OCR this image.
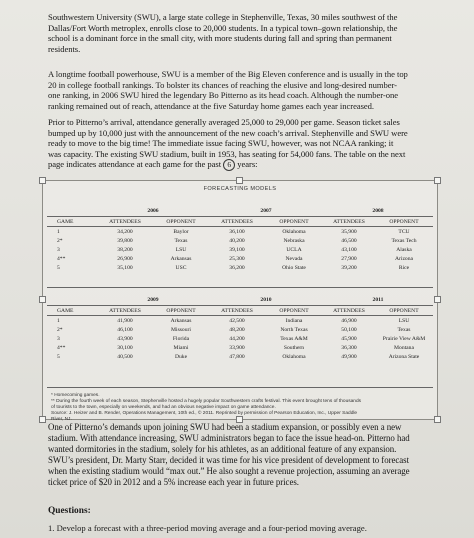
Southwestern University (SWU), a large state college in Stephenville, Texas, 30 miles southwest of the
Dallas/Fort Worth metroplex, enrolls close to 20,000 students. In a typical town–gown relationship, the
school is a dominant force in the small city, with more students during fall and spring than permanent
residents.
A longtime football powerhouse, SWU is a member of the Big Eleven conference and is usually in the top
20 in college football rankings. To bolster its chances of reaching the elusive and long-desired number-
one ranking, in 2006 SWU hired the legendary Bo Pitterno as its head coach. Although the number-one
ranking remained out of reach, attendance at the five Saturday home games each year increased.
Prior to Pitterno’s arrival, attendance generally averaged 25,000 to 29,000 per game. Season ticket sales
bumped up by 10,000 just with the announcement of the new coach’s arrival. Stephenville and SWU were
ready to move to the big time! The immediate issue facing SWU, however, was not NCAA ranking; it
was capacity. The existing SWU stadium, built in 1953, has seating for 54,000 fans. The table on the next
page indicates attendance at each game for the past 6 years:
FORECASTING MODELS
	2006		2007		2008	
GAME	ATTENDEES	OPPONENT	ATTENDEES	OPPONENT	ATTENDEES	OPPONENT
1	34,200	Baylor	36,100	Oklahoma	35,900	TCU
2*	39,800	Texas	40,200	Nebraska	46,500	Texas Tech
3	38,200	LSU	39,100	UCLA	43,100	Alaska
4**	26,900	Arkansas	25,300	Nevada	27,900	Arizona
5	35,100	USC	36,200	Ohio State	39,200	Rice
	2009		2010		2011	
GAME	ATTENDEES	OPPONENT	ATTENDEES	OPPONENT	ATTENDEES	OPPONENT
1	41,900	Arkansas	42,500	Indiana	46,900	LSU
2*	46,100	Missouri	48,200	North Texas	50,100	Texas
3	43,900	Florida	44,200	Texas A&M	45,900	Prairie View A&M
4**	30,100	Miami	33,900	Southern	36,300	Montana
5	40,500	Duke	47,800	Oklahoma	49,900	Arizona State
* Homecoming games.
** During the fourth week of each season, Stephenville hosted a hugely popular Southwestern crafts festival. This event brought tens of thousands
of tourists to the town, especially on weekends, and had an obvious negative impact on game attendance.
Source: J. Heizer and B. Render, Operations Management, 10th ed., © 2011. Reprinted by permission of Pearson Education, Inc., Upper Saddle
River, NJ.
One of Pitterno’s demands upon joining SWU had been a stadium expansion, or possibly even a new
stadium. With attendance increasing, SWU administrators began to face the issue head-on. Pitterno had
wanted dormitories in the stadium, solely for his athletes, as an additional feature of any expansion.
SWU’s president, Dr. Marty Starr, decided it was time for his vice president of development to forecast
when the existing stadium would “max out.” He also sought a revenue projection, assuming an average
ticket price of $20 in 2012 and a 5% increase each year in future prices.
Questions:
1. Develop a forecast with a three-period moving average and a four-period moving average.
